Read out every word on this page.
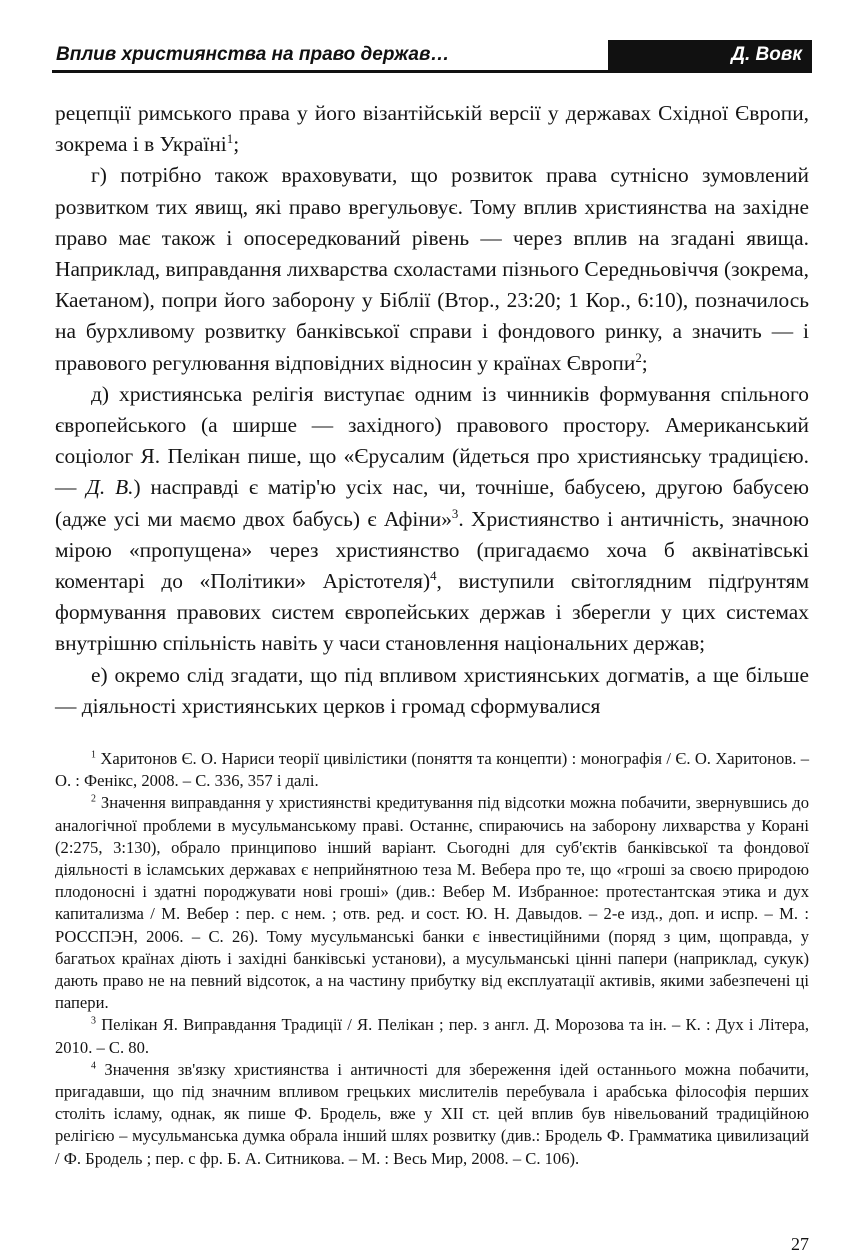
Вплив християнства на право держав…	Д. Вовк

рецепції римського права у його візантійській версії у державах Східної Європи, зокрема і в Україні$^1$;

г) потрібно також враховувати, що розвиток права сутнісно зумовлений розвитком тих явищ, які право врегульовує. Тому вплив християнства на західне право має також і опосередкований рівень — через вплив на згадані явища. Наприклад, виправдання лихварства схоластами пізнього Середньовіччя (зокрема, Каетаном), попри його заборону у Біблії (Втор., 23:20; 1 Кор., 6:10), позначилось на бурхливому розвитку банківської справи і фондового ринку, а значить — і правового регулювання відповідних відносин у країнах Європи$^2$;

д) християнська релігія виступає одним із чинників формування спільного європейського (а ширше — західного) правового простору. Американський соціолог Я. Пелікан пише, що «Єрусалим (йдеться про християнську традицією. — Д. В.) насправді є матір'ю усіх нас, чи, точніше, бабусею, другою бабусею (адже усі ми маємо двох бабусь) є Афіни»$^3$. Християнство і античність, значною мірою «пропущена» через християнство (пригадаємо хоча б аквінатівські коментарі до «Політики» Арістотеля)$^4$, виступили світоглядним підґрунтям формування правових систем європейських держав і зберегли у цих системах внутрішню спільність навіть у часи становлення національних держав;

е) окремо слід згадати, що під впливом християнських догматів, а ще більше — діяльності християнських церков і громад сформувалися

$^1$ Харитонов Є. О. Нариси теорії цивілістики (поняття та концепти) : монографія / Є. О. Харитонов. – О. : Фенікс, 2008. – С. 336, 357 і далі.

$^2$ Значення виправдання у християнстві кредитування під відсотки можна побачити, звернувшись до аналогічної проблеми в мусульманському праві. Останнє, спираючись на заборону лихварства у Корані (2:275, 3:130), обрало принципово інший варіант. Сьогодні для суб'єктів банківської та фондової діяльності в ісламських державах є неприйнятною теза М. Вебера про те, що «гроші за своєю природою плодоносні і здатні породжувати нові гроші» (див.: Вебер М. Избранное: протестантская этика и дух капитализма / М. Вебер : пер. с нем. ; отв. ред. и сост. Ю. Н. Давыдов. – 2-е изд., доп. и испр. – М. : РОССПЭН, 2006. – С. 26). Тому мусульманські банки є інвестиційними (поряд з цим, щоправда, у багатьох країнах діють і західні банківські установи), а мусульманські цінні папери (наприклад, сукук) дають право не на певний відсоток, а на частину прибутку від експлуатації активів, якими забезпечені ці папери.

$^3$ Пелікан Я. Виправдання Традиції / Я. Пелікан ; пер. з англ. Д. Морозова та ін. – К. : Дух і Літера, 2010. – С. 80.

$^4$ Значення зв'язку християнства і античності для збереження ідей останнього можна побачити, пригадавши, що під значним впливом грецьких мислителів перебувала і арабська філософія перших століть ісламу, однак, як пише Ф. Бродель, вже у XII ст. цей вплив був нівельований традиційною релігією – мусульманська думка обрала інший шлях розвитку (див.: Бродель Ф. Грамматика цивилизаций / Ф. Бродель ; пер. с фр. Б. А. Ситникова. – М. : Весь Мир, 2008. – С. 106).

27
